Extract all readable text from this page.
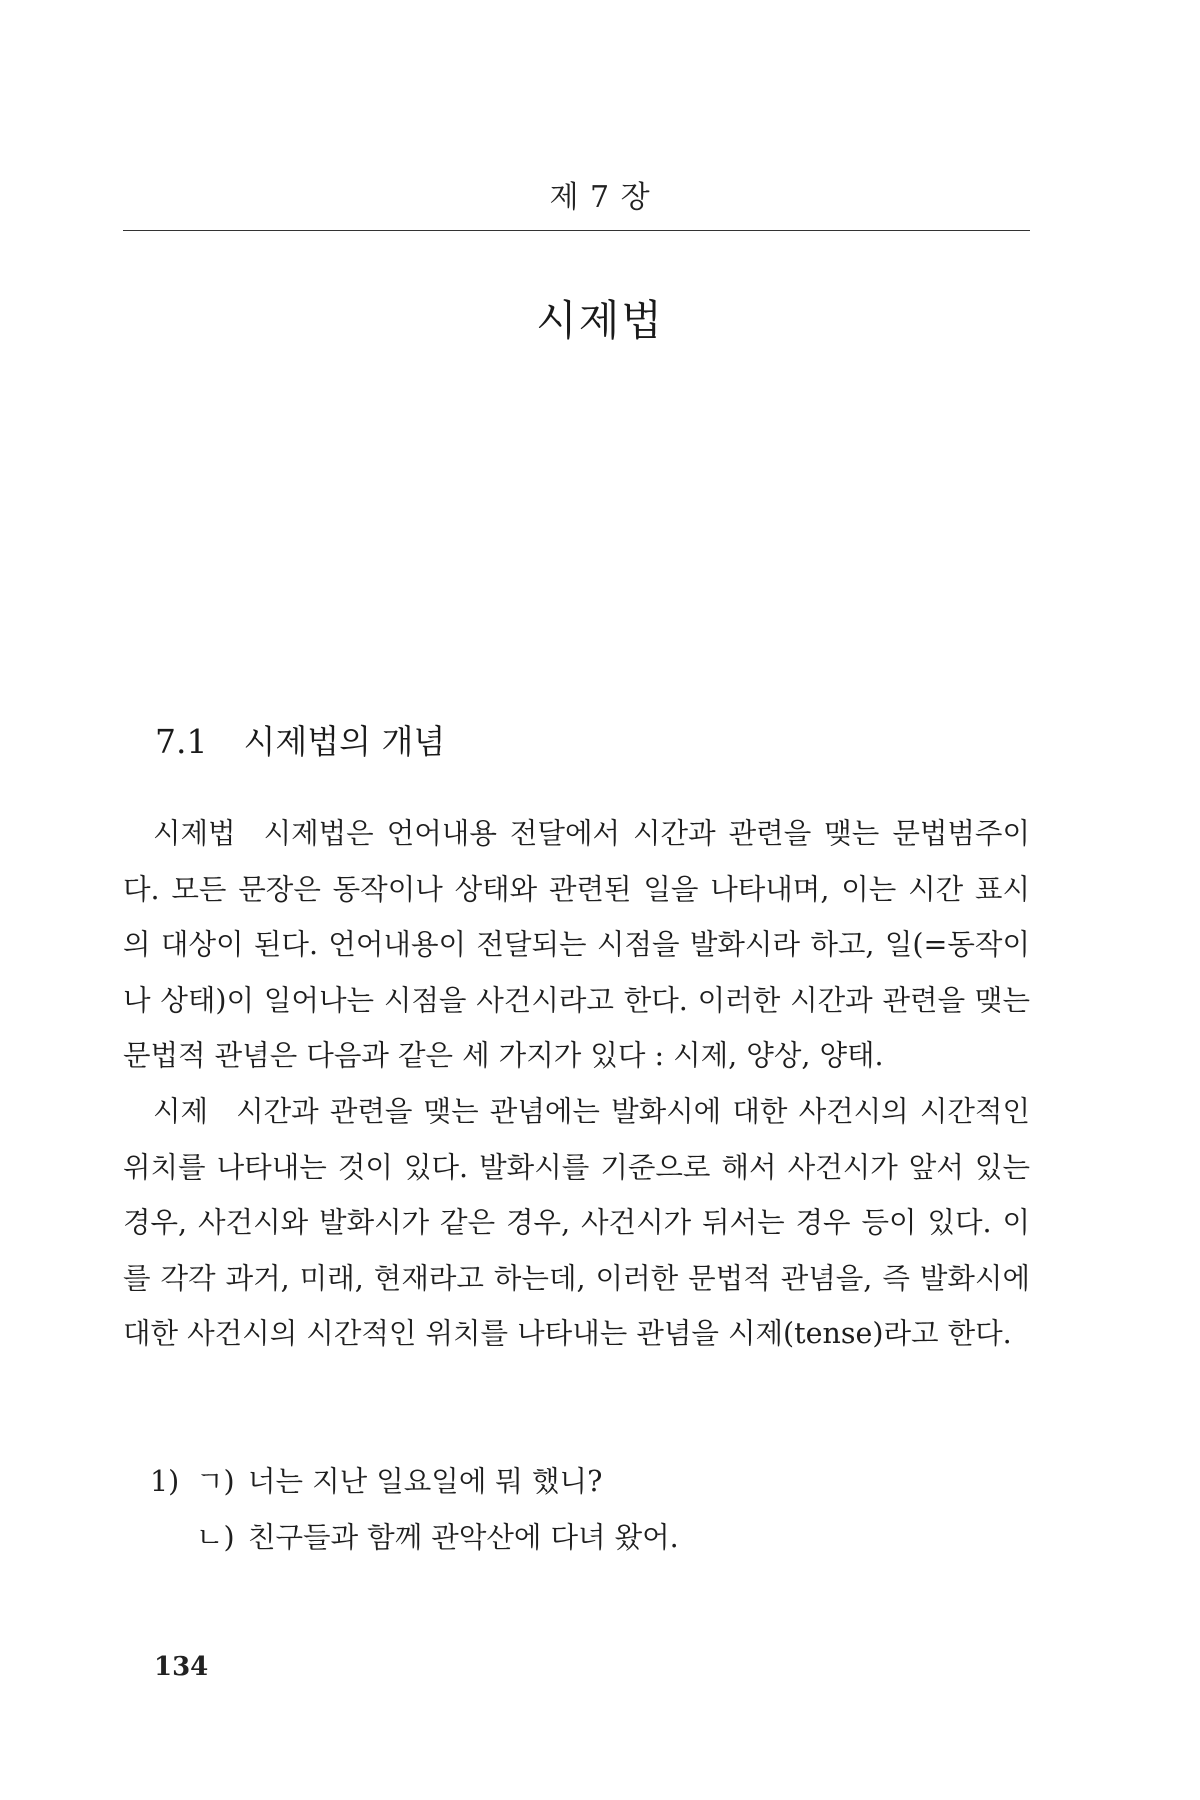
제 7 장
시제법
7.1 시제법의 개념

시제법 시제법은 언어내용 전달에서 시간과 관련을 맺는 문법범주이다. 모든 문장은 동작이나 상태와 관련된 일을 나타내며, 이는 시간 표시의 대상이 된다. 언어내용이 전달되는 시점을 발화시라 하고, 일(=동작이나 상태)이 일어나는 시점을 사건시라고 한다. 이러한 시간과 관련을 맺는 문법적 관념은 다음과 같은 세 가지가 있다 : 시제, 양상, 양태.

시제 시간과 관련을 맺는 관념에는 발화시에 대한 사건시의 시간적인 위치를 나타내는 것이 있다. 발화시를 기준으로 해서 사건시가 앞서 있는 경우, 사건시와 발화시가 같은 경우, 사건시가 뒤서는 경우 등이 있다. 이를 각각 과거, 미래, 현재라고 하는데, 이러한 문법적 관념을, 즉 발화시에 대한 사건시의 시간적인 위치를 나타내는 관념을 시제(tense)라고 한다.

1) ㄱ) 너는 지난 일요일에 뭐 했니?
ㄴ) 친구들과 함께 관악산에 다녀 왔어.
134
